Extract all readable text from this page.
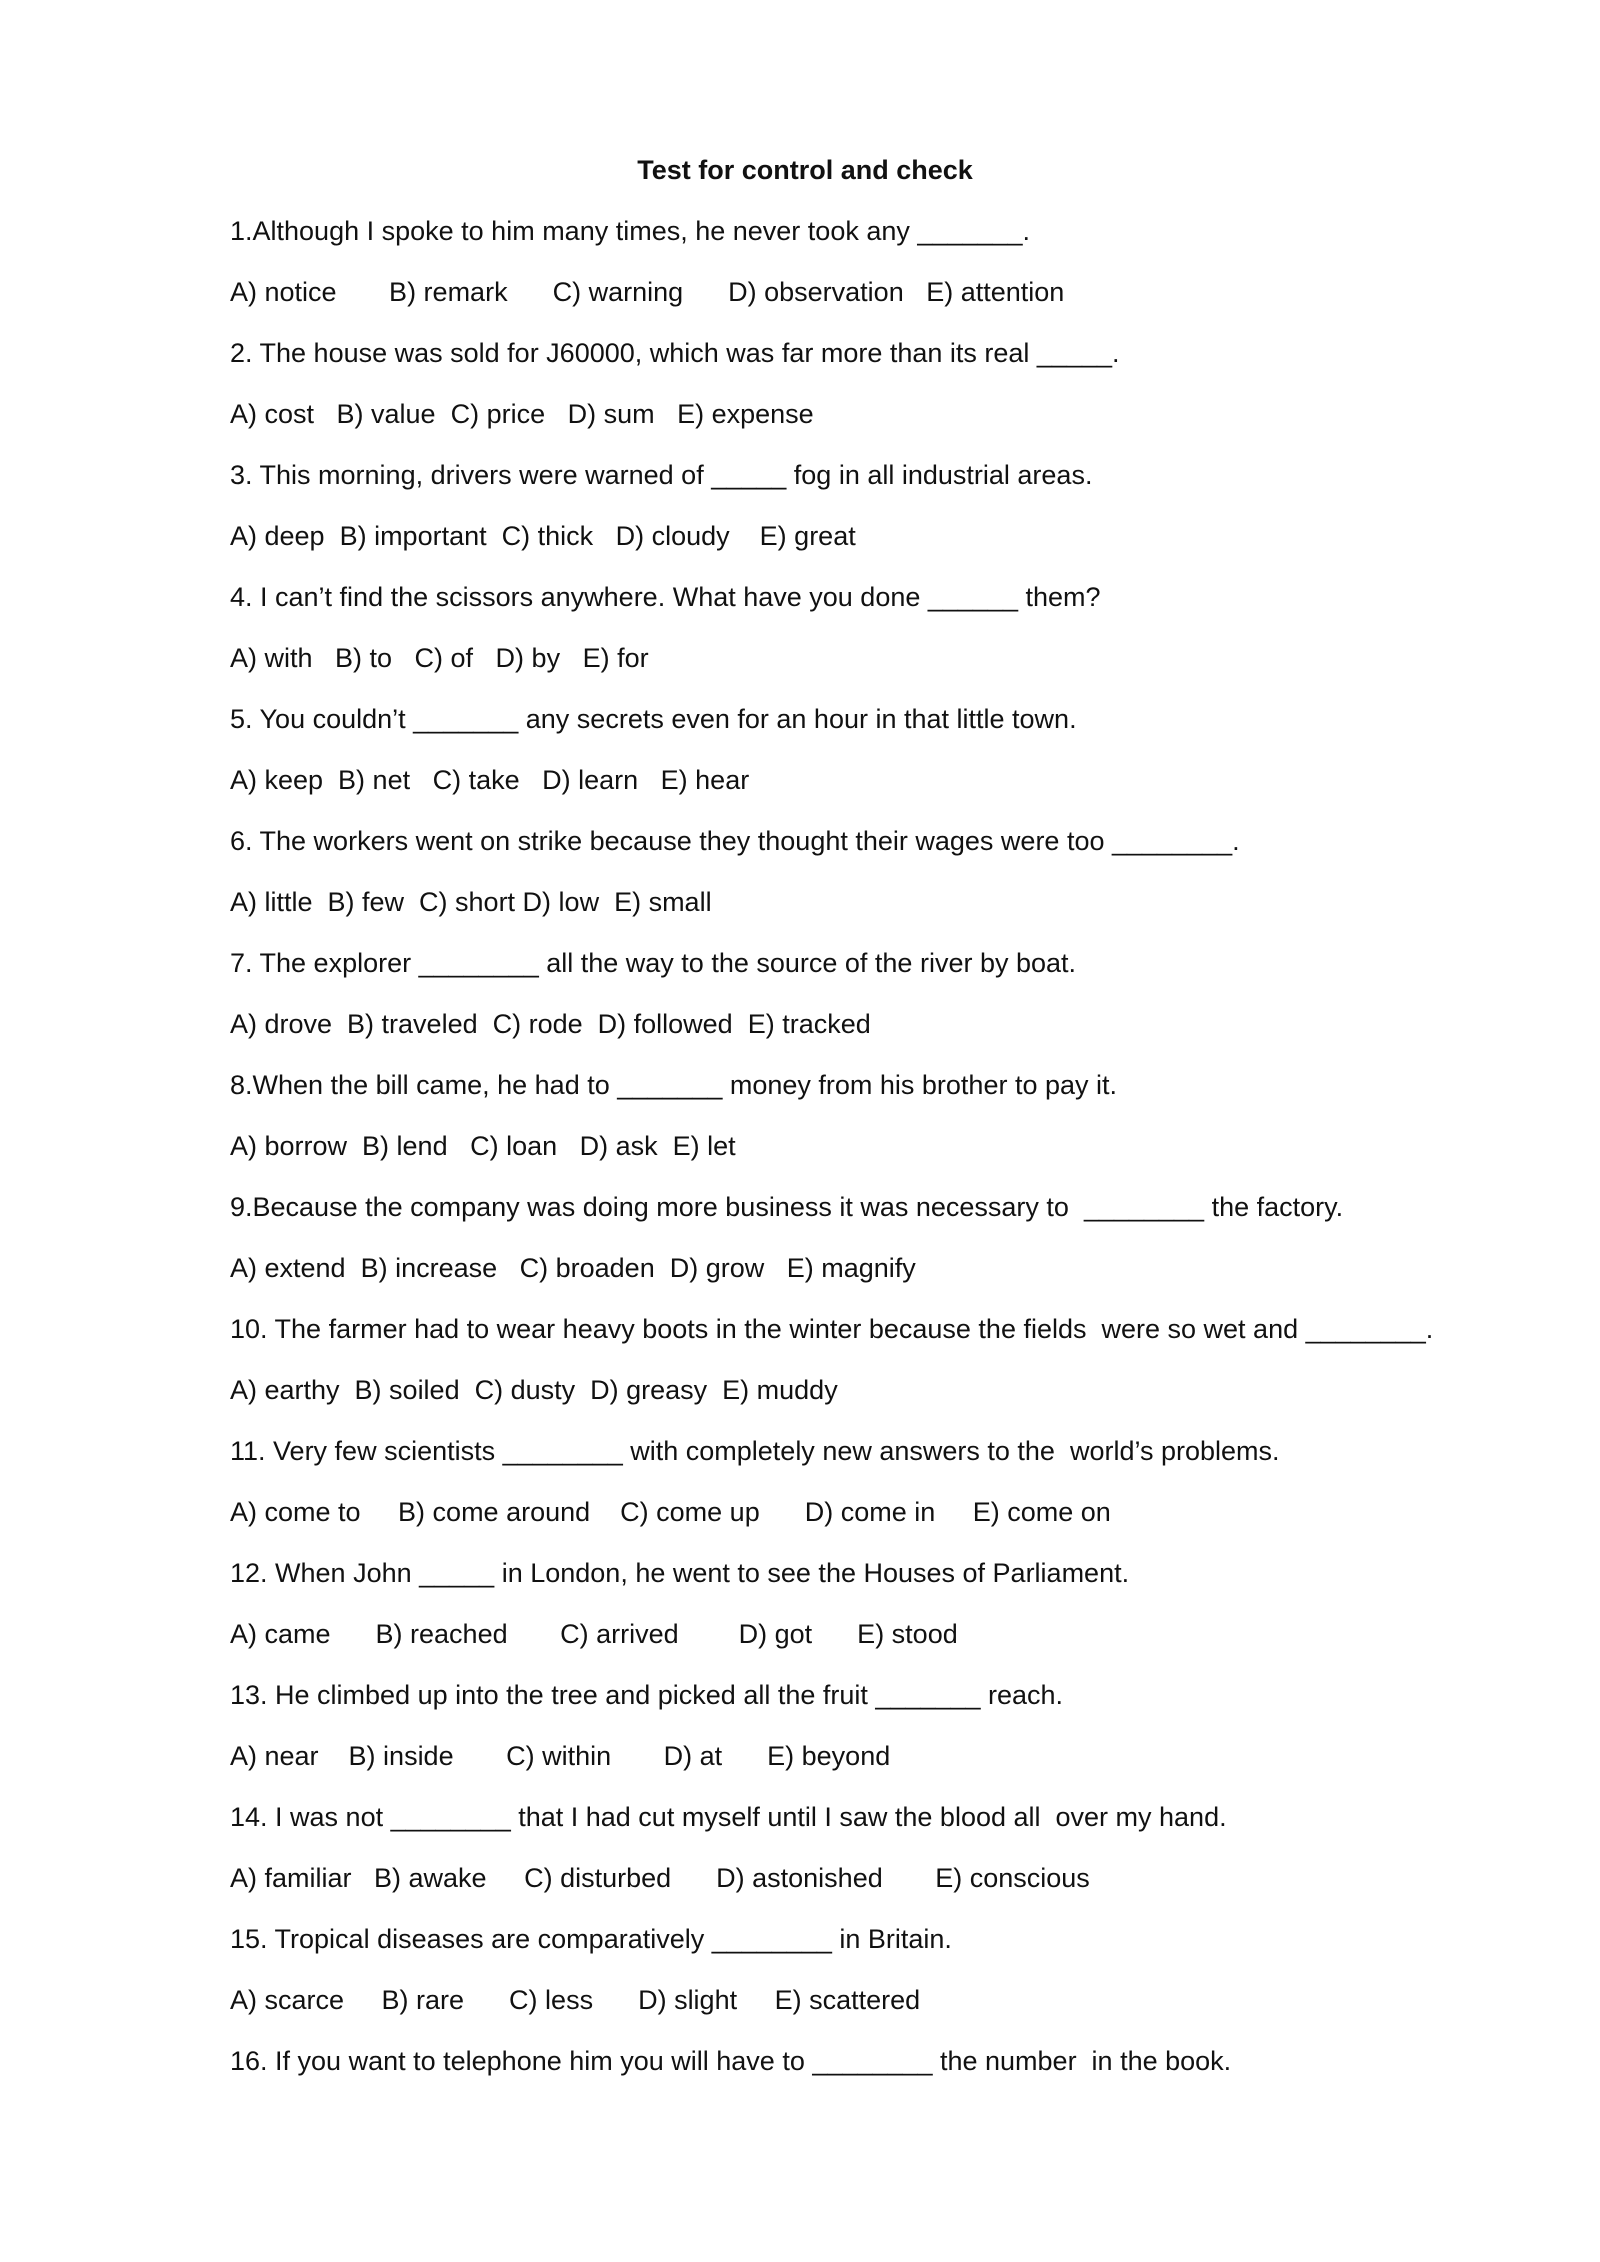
Test for control and check
1.Although I spoke to him many times, he never took any _______.
A) notice       B) remark      C) warning      D) observation   E) attention
2. The house was sold for J60000, which was far more than its real _____.
A) cost   B) value  C) price   D) sum   E) expense
3. This morning, drivers were warned of _____ fog in all industrial areas.
A) deep  B) important  C) thick   D) cloudy    E) great
4. I can’t find the scissors anywhere. What have you done ______ them?
A) with   B) to   C) of   D) by   E) for
5. You couldn’t _______ any secrets even for an hour in that little town.
A) keep  B) net   C) take   D) learn   E) hear
6. The workers went on strike because they thought their wages were too ________.
A) little  B) few  C) short D) low  E) small
7. The explorer ________ all the way to the source of the river by boat.
A) drove  B) traveled  C) rode  D) followed  E) tracked
8.When the bill came, he had to _______ money from his brother to pay it.
A) borrow  B) lend   C) loan   D) ask  E) let
9.Because the company was doing more business it was necessary to  ________ the factory.
A) extend  B) increase   C) broaden  D) grow   E) magnify
10. The farmer had to wear heavy boots in the winter because the fields  were so wet and ________.
A) earthy  B) soiled  C) dusty  D) greasy  E) muddy
11. Very few scientists ________ with completely new answers to the  world’s problems.
A) come to     B) come around    C) come up      D) come in     E) come on
12. When John _____ in London, he went to see the Houses of Parliament.
A) came      B) reached       C) arrived        D) got      E) stood
13. He climbed up into the tree and picked all the fruit _______ reach.
A) near    B) inside       C) within       D) at      E) beyond
14. I was not ________ that I had cut myself until I saw the blood all  over my hand.
A) familiar   B) awake     C) disturbed      D) astonished       E) conscious
15. Tropical diseases are comparatively ________ in Britain.
A) scarce     B) rare      C) less      D) slight     E) scattered
16. If you want to telephone him you will have to ________ the number  in the book.
